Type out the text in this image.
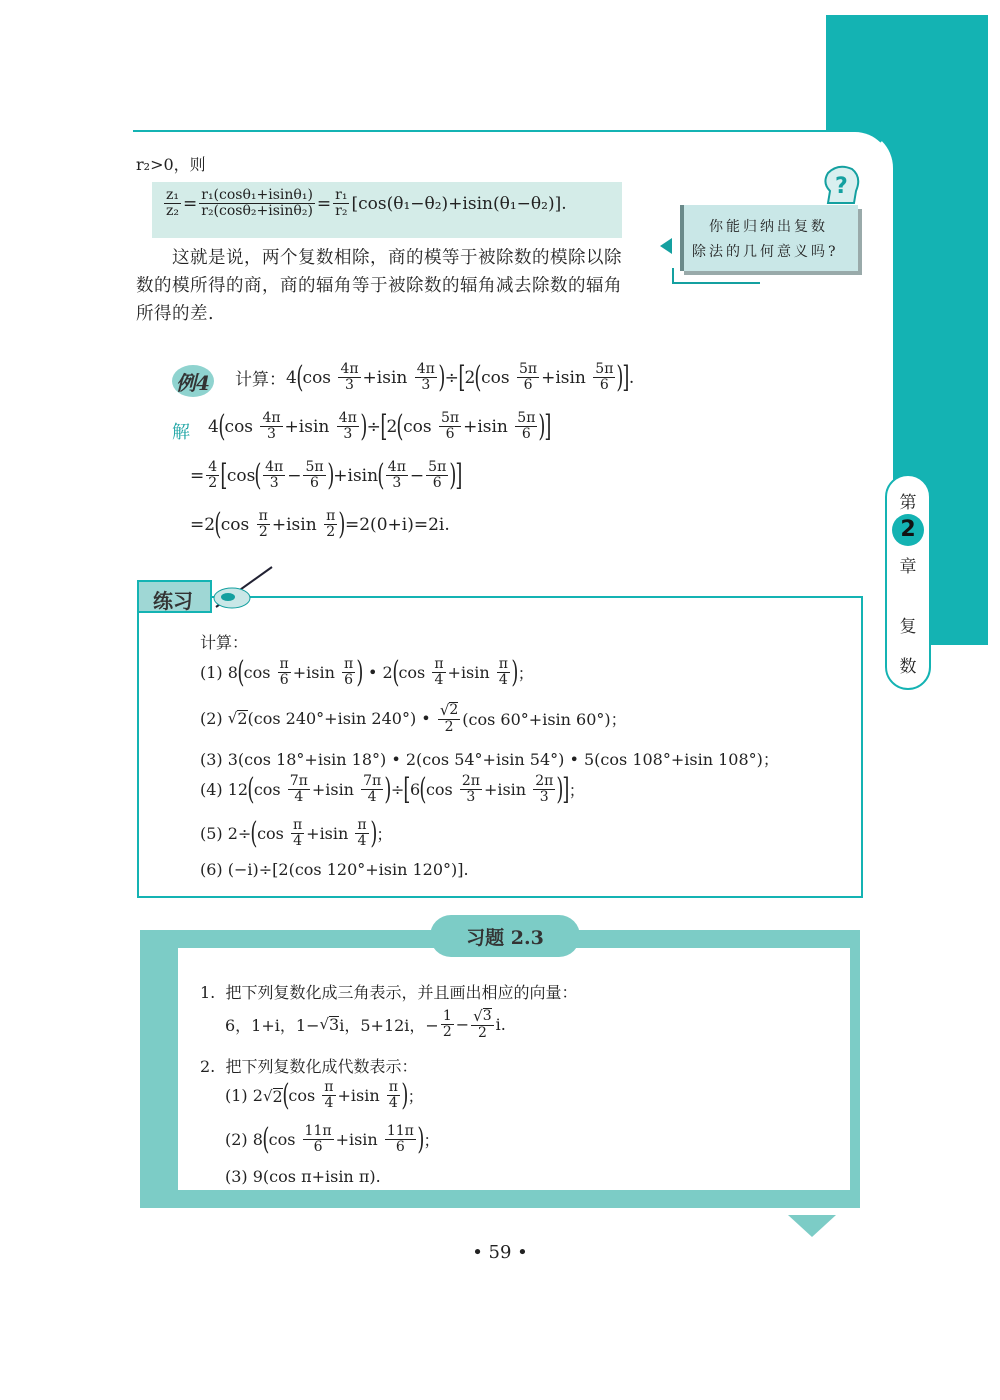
r₂>0，则
$\frac{\text{z₁}}{\text{z₂}} = \frac{\text{r₁(cosθ₁+isinθ₁)}}{\text{r₂(cosθ₂+isinθ₂)}} = \frac{\text{r₁}}{\text{r₂}} [\cos(\theta_1-\theta_2)+isin(\theta_1-\theta_2)]$.
　　这就是说，两个复数相除，商的模等于被除数的模除以除
数的模所得的商，商的辐角等于被除数的辐角减去除数的辐角
所得的差.
?
　你能归纳出复数
除法的几何意义吗?
例4 计算： 4 ( $\cos \frac{4\pi}{3} +isin \frac{4\pi}{3}$ ) ÷ [ 2 ( $\cos \frac{5\pi}{6} +isin \frac{5\pi}{6}$ )
] .
解 4 ( $\cos \frac{4\pi}{3} +isin \frac{4\pi}{3}$ ) ÷ [ 2 ( $\cos \frac{5\pi}{6} +isin \frac{5\pi}{6}$ )
]
= $\frac{4}{2}$ [ cos ( $\frac{4\pi}{3} - \frac{5\pi}{6}$ ) +isin ( $\frac{4\pi}{3} - \frac{5\pi}{6}$ )
]
=2 ( $\cos \frac{\pi}{2} +isin \frac{\pi}{2}$ ) =2(0+i)=2i.
练习
计算：
(1) 8 ( $\cos \frac{\pi}{6} +isin \frac{\pi}{6}$ ) • 2 ( $\cos \frac{\pi}{4} +isin \frac{\pi}{4}$ ) ；
(2) √ 2 (cos 240°+isin 240°) • √ $\frac{2}{2} (\cos$ 60°+isin 60°)；
(3) 3(cos 18°+isin 18°) • 2(cos 54°+isin 54°) • 5(cos 108°+isin 108°)；
(4) 12 ( $\cos \frac{7\pi}{4} +isin \frac{7\pi}{4}$ ) ÷ [ 6 ( $\cos \frac{2\pi}{3} +isin \frac{2\pi}{3}$ )
] ；
(5) 2÷ ( $\cos \frac{\pi}{4} +isin \frac{\pi}{4}$ ) ；
(6) (−i)÷[2(cos 120°+isin 120°)].
习题 2.3
1.  把下列复数化成三角表示，并且画出相应的向量：
6，1+i，1− √ 3 i，5+12i，− $\frac{1}{2}$ − √ $\frac{3}{2} i$.
2.  把下列复数化成代数表示：
(1) 2 √ 2 ( $\cos \frac{\pi}{4} +isin \frac{\pi}{4}$ ) ；
(2) 8 ( $\cos \frac{11\pi}{6} +isin \frac{11\pi}{6}$ ) ；
(3) 9(cos π+isin π).
第
2
章
复
数
• 59 •
